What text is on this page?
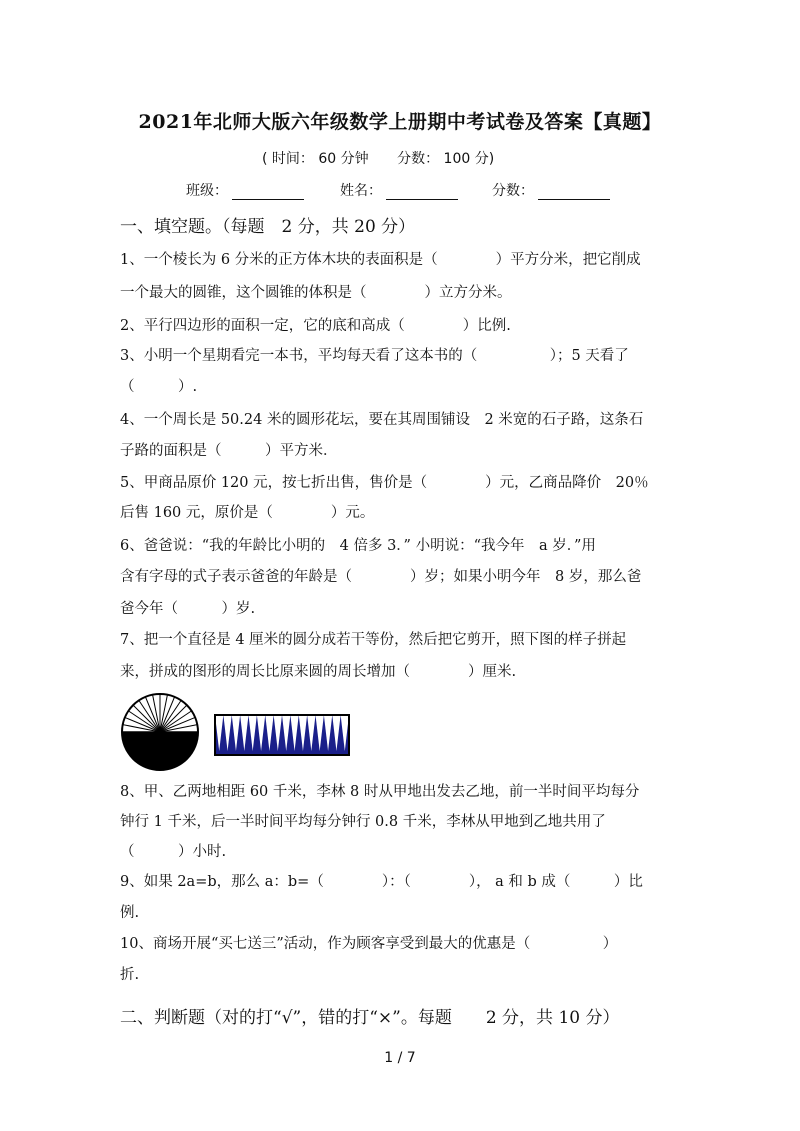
2021年北师大版六年级数学上册期中考试卷及答案【真题】
( 时间： 60 分钟 分数： 100 分)
班级：	姓名：	分数：
一、填空题。（每题　2 分，共 20 分）
1、一个棱长为 6 分米的正方体木块的表面积是（　　　　）平方分米，把它削成
一个最大的圆锥，这个圆锥的体积是（　　　　）立方分米。
2、平行四边形的面积一定，它的底和高成（　　　　）比例.
3、小明一个星期看完一本书，平均每天看了这本书的（　　　　　）；5 天看了
（　　　）.
4、一个周长是 50.24 米的圆形花坛，要在其周围铺设　2 米宽的石子路，这条石
子路的面积是（　　　）平方米．
5、甲商品原价 120 元，按七折出售，售价是（　　　　）元，乙商品降价　20％
后售 160 元，原价是（　　　　）元。
6、爸爸说：“我的年龄比小明的　4 倍多 3．” 小明说：“我今年　a 岁．”用
含有字母的式子表示爸爸的年龄是（　　　　）岁；如果小明今年　8 岁，那么爸
爸今年（　　　）岁.
7、把一个直径是 4 厘米的圆分成若干等份，然后把它剪开，照下图的样子拼起
来，拼成的图形的周长比原来圆的周长增加（　　　　）厘米.
8、甲、乙两地相距 60 千米，李林 8 时从甲地出发去乙地，前一半时间平均每分
钟行 1 千米，后一半时间平均每分钟行 0.8 千米，李林从甲地到乙地共用了
（　　　）小时.
9、如果 2a=b，那么 a：b=（　　　　）：（　　　　）， a 和 b 成（　　　）比
例.
10、商场开展“买七送三”活动，作为顾客享受到最大的优惠是（　　　　　）
折.
二、判断题（对的打“√”，错的打“×”。每题　　2 分，共 10 分）
1 / 7
